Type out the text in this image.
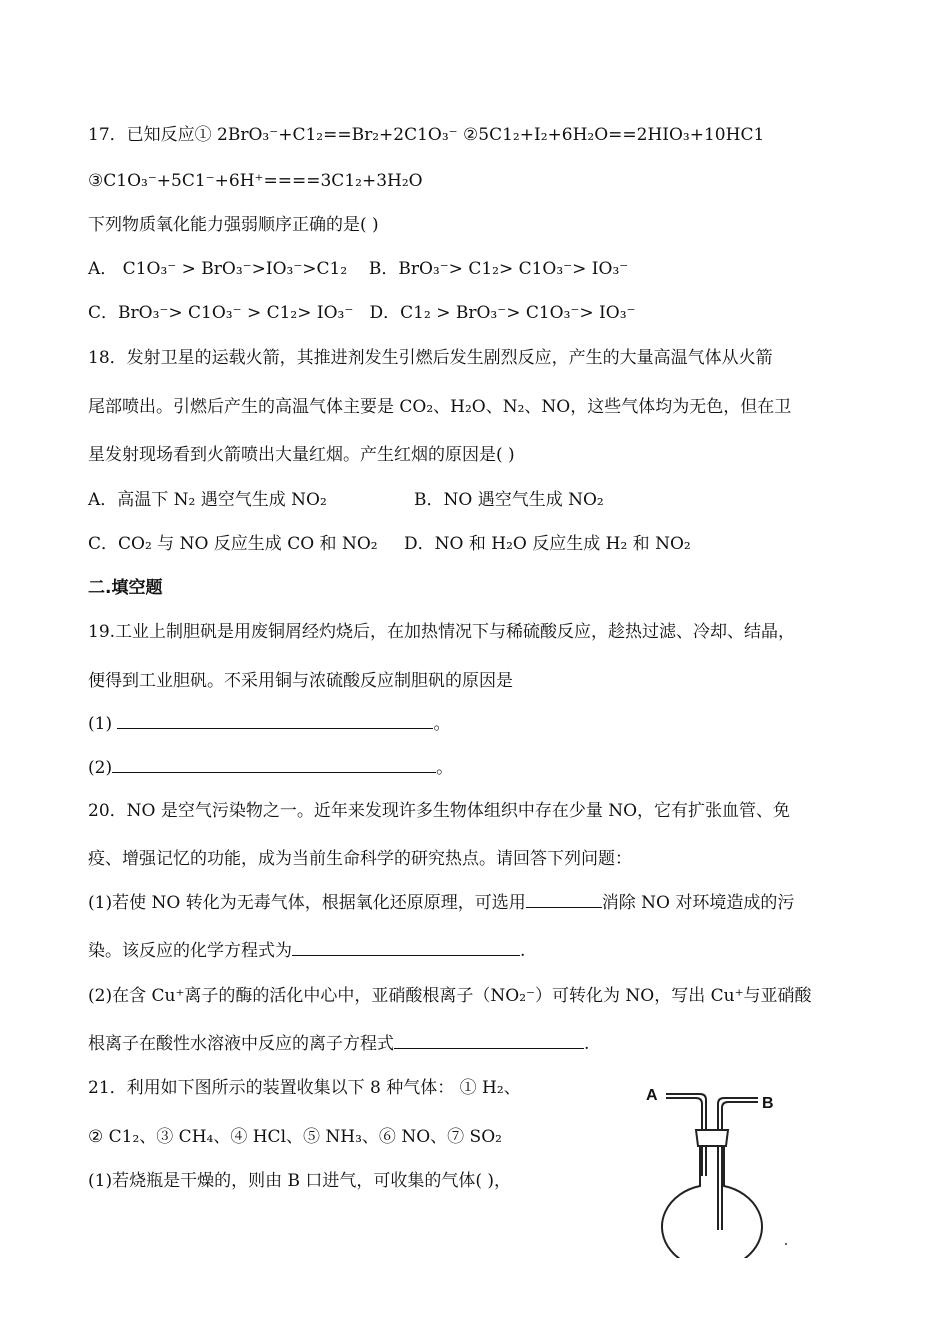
17．已知反应① 2BrO₃⁻+C1₂==Br₂+2C1O₃⁻ ②5C1₂+I₂+6H₂O==2HIO₃+10HC1
③C1O₃⁻+5C1⁻+6H⁺====3C1₂+3H₂O
下列物质氧化能力强弱顺序正确的是( )
A． C1O₃⁻ > BrO₃⁻>IO₃⁻>C1₂ B．BrO₃⁻> C1₂> C1O₃⁻> IO₃⁻
C．BrO₃⁻> C1O₃⁻ > C1₂> IO₃⁻ D．C1₂ > BrO₃⁻> C1O₃⁻> IO₃⁻
18．发射卫星的运载火箭，其推进剂发生引燃后发生剧烈反应，产生的大量高温气体从火箭
尾部喷出。引燃后产生的高温气体主要是 CO₂、H₂O、N₂、NO，这些气体均为无色，但在卫
星发射现场看到火箭喷出大量红烟。产生红烟的原因是( )
A．高温下 N₂ 遇空气生成 NO₂	B．NO 遇空气生成 NO₂
C．CO₂ 与 NO 反应生成 CO 和 NO₂ D．NO 和 H₂O 反应生成 H₂ 和 NO₂
二.填空题
19.工业上制胆矾是用废铜屑经灼烧后，在加热情况下与稀硫酸反应，趁热过滤、冷却、结晶，
便得到工业胆矾。不采用铜与浓硫酸反应制胆矾的原因是
(1)	。
(2)	。
20．NO 是空气污染物之一。近年来发现许多生物体组织中存在少量 NO，它有扩张血管、免
疫、增强记忆的功能，成为当前生命科学的研究热点。请回答下列问题：
(1)若使 NO 转化为无毒气体，根据氧化还原原理，可选用	消除 NO 对环境造成的污
染。该反应的化学方程式为	.
(2)在含 Cu⁺离子的酶的活化中心中，亚硝酸根离子（NO₂⁻）可转化为 NO，写出 Cu⁺与亚硝酸
根离子在酸性水溶液中反应的离子方程式	.
21．利用如下图所示的装置收集以下 8 种气体： ① H₂、
② C1₂、③ CH₄、④ HCl、⑤ NH₃、⑥ NO、⑦ SO₂
(1)若烧瓶是干燥的，则由 B 口进气，可收集的气体( )，
A	B
